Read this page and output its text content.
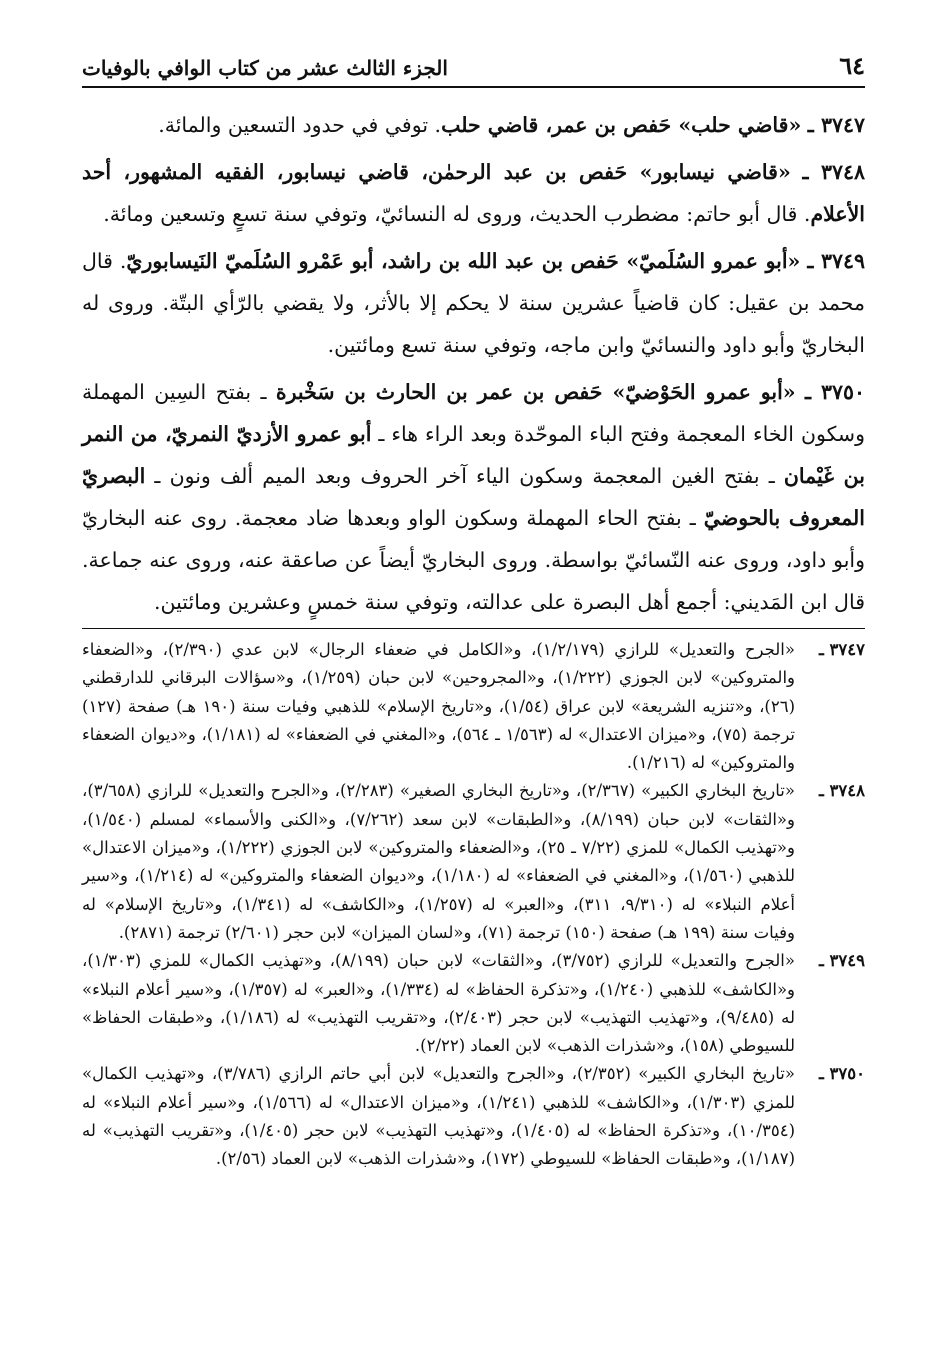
٦٤
الجزء الثالث عشر من كتاب الوافي بالوفيات

٣٧٤٧ ـ «قاضي حلب» حَفص بن عمر، قاضي حلب. توفي في حدود التسعين والمائة.

٣٧٤٨ ـ «قاضي نيسابور» حَفص بن عبد الرحمٰن، قاضي نيسابور، الفقيه المشهور، أحد الأعلام. قال أبو حاتم: مضطرب الحديث، وروى له النسائيّ، وتوفي سنة تسعٍ وتسعين ومائة.

٣٧٤٩ ـ «أبو عمرو السُلَميّ» حَفص بن عبد الله بن راشد، أبو عَمْرو السُلَميّ النَيسابوريّ. قال محمد بن عقيل: كان قاضياً عشرين سنة لا يحكم إلا بالأثر، ولا يقضي بالرّأي البتّة. وروى له البخاريّ وأبو داود والنسائيّ وابن ماجه، وتوفي سنة تسع ومائتين.

٣٧٥٠ ـ «أبو عمرو الحَوْضيّ» حَفص بن عمر بن الحارث بن سَخْبرة ـ بفتح السِين المهملة وسكون الخاء المعجمة وفتح الباء الموحّدة وبعد الراء هاء ـ أبو عمرو الأزديّ النمريّ، من النمر بن غَيْمان ـ بفتح الغين المعجمة وسكون الياء آخر الحروف وبعد الميم ألف ونون ـ البصريّ المعروف بالحوضيّ ـ بفتح الحاء المهملة وسكون الواو وبعدها ضاد معجمة. روى عنه البخاريّ وأبو داود، وروى عنه النّسائيّ بواسطة. وروى البخاريّ أيضاً عن صاعقة عنه، وروى عنه جماعة. قال ابن المَديني: أجمع أهل البصرة على عدالته، وتوفي سنة خمسٍ وعشرين ومائتين.

٣٧٤٧ ـ
«الجرح والتعديل» للرازي (١/٢/١٧٩)، و«الكامل في ضعفاء الرجال» لابن عدي (٢/٣٩٠)، و«الضعفاء والمتروكين» لابن الجوزي (١/٢٢٢)، و«المجروحين» لابن حبان (١/٢٥٩)، و«سؤالات البرقاني للدارقطني (٢٦)، و«تنزيه الشريعة» لابن عراق (١/٥٤)، و«تاريخ الإسلام» للذهبي وفيات سنة (١٩٠ هـ) صفحة (١٢٧) ترجمة (٧٥)، و«ميزان الاعتدال» له (١/٥٦٣ ـ ٥٦٤)، و«المغني في الضعفاء» له (١/١٨١)، و«ديوان الضعفاء والمتروكين» له (١/٢١٦).
٣٧٤٨ ـ
«تاريخ البخاري الكبير» (٢/٣٦٧)، و«تاريخ البخاري الصغير» (٢/٢٨٣)، و«الجرح والتعديل» للرازي (٣/٦٥٨)، و«الثقات» لابن حبان (٨/١٩٩)، و«الطبقات» لابن سعد (٧/٢٦٢)، و«الكنى والأسماء» لمسلم (١/٥٤٠)، و«تهذيب الكمال» للمزي (٧/٢٢ ـ ٢٥)، و«الضعفاء والمتروكين» لابن الجوزي (١/٢٢٢)، و«ميزان الاعتدال» للذهبي (١/٥٦٠)، و«المغني في الضعفاء» له (١/١٨٠)، و«ديوان الضعفاء والمتروكين» له (١/٢١٤)، و«سير أعلام النبلاء» له (٩/٣١٠، ٣١١)، و«العبر» له (١/٢٥٧)، و«الكاشف» له (١/٣٤١)، و«تاريخ الإسلام» له وفيات سنة (١٩٩ هـ) صفحة (١٥٠) ترجمة (٧١)، و«لسان الميزان» لابن حجر (٢/٦٠١) ترجمة (٢٨٧١).
٣٧٤٩ ـ
«الجرح والتعديل» للرازي (٣/٧٥٢)، و«الثقات» لابن حبان (٨/١٩٩)، و«تهذيب الكمال» للمزي (١/٣٠٣)، و«الكاشف» للذهبي (١/٢٤٠)، و«تذكرة الحفاظ» له (١/٣٣٤)، و«العبر» له (١/٣٥٧)، و«سير أعلام النبلاء» له (٩/٤٨٥)، و«تهذيب التهذيب» لابن حجر (٢/٤٠٣)، و«تقريب التهذيب» له (١/١٨٦)، و«طبقات الحفاظ» للسيوطي (١٥٨)، و«شذرات الذهب» لابن العماد (٢/٢٢).
٣٧٥٠ ـ
«تاريخ البخاري الكبير» (٢/٣٥٢)، و«الجرح والتعديل» لابن أبي حاتم الرازي (٣/٧٨٦)، و«تهذيب الكمال» للمزي (١/٣٠٣)، و«الكاشف» للذهبي (١/٢٤١)، و«ميزان الاعتدال» له (١/٥٦٦)، و«سير أعلام النبلاء» له (١٠/٣٥٤)، و«تذكرة الحفاظ» له (١/٤٠٥)، و«تهذيب التهذيب» لابن حجر (١/٤٠٥)، و«تقريب التهذيب» له (١/١٨٧)، و«طبقات الحفاظ» للسيوطي (١٧٢)، و«شذرات الذهب» لابن العماد (٢/٥٦).
